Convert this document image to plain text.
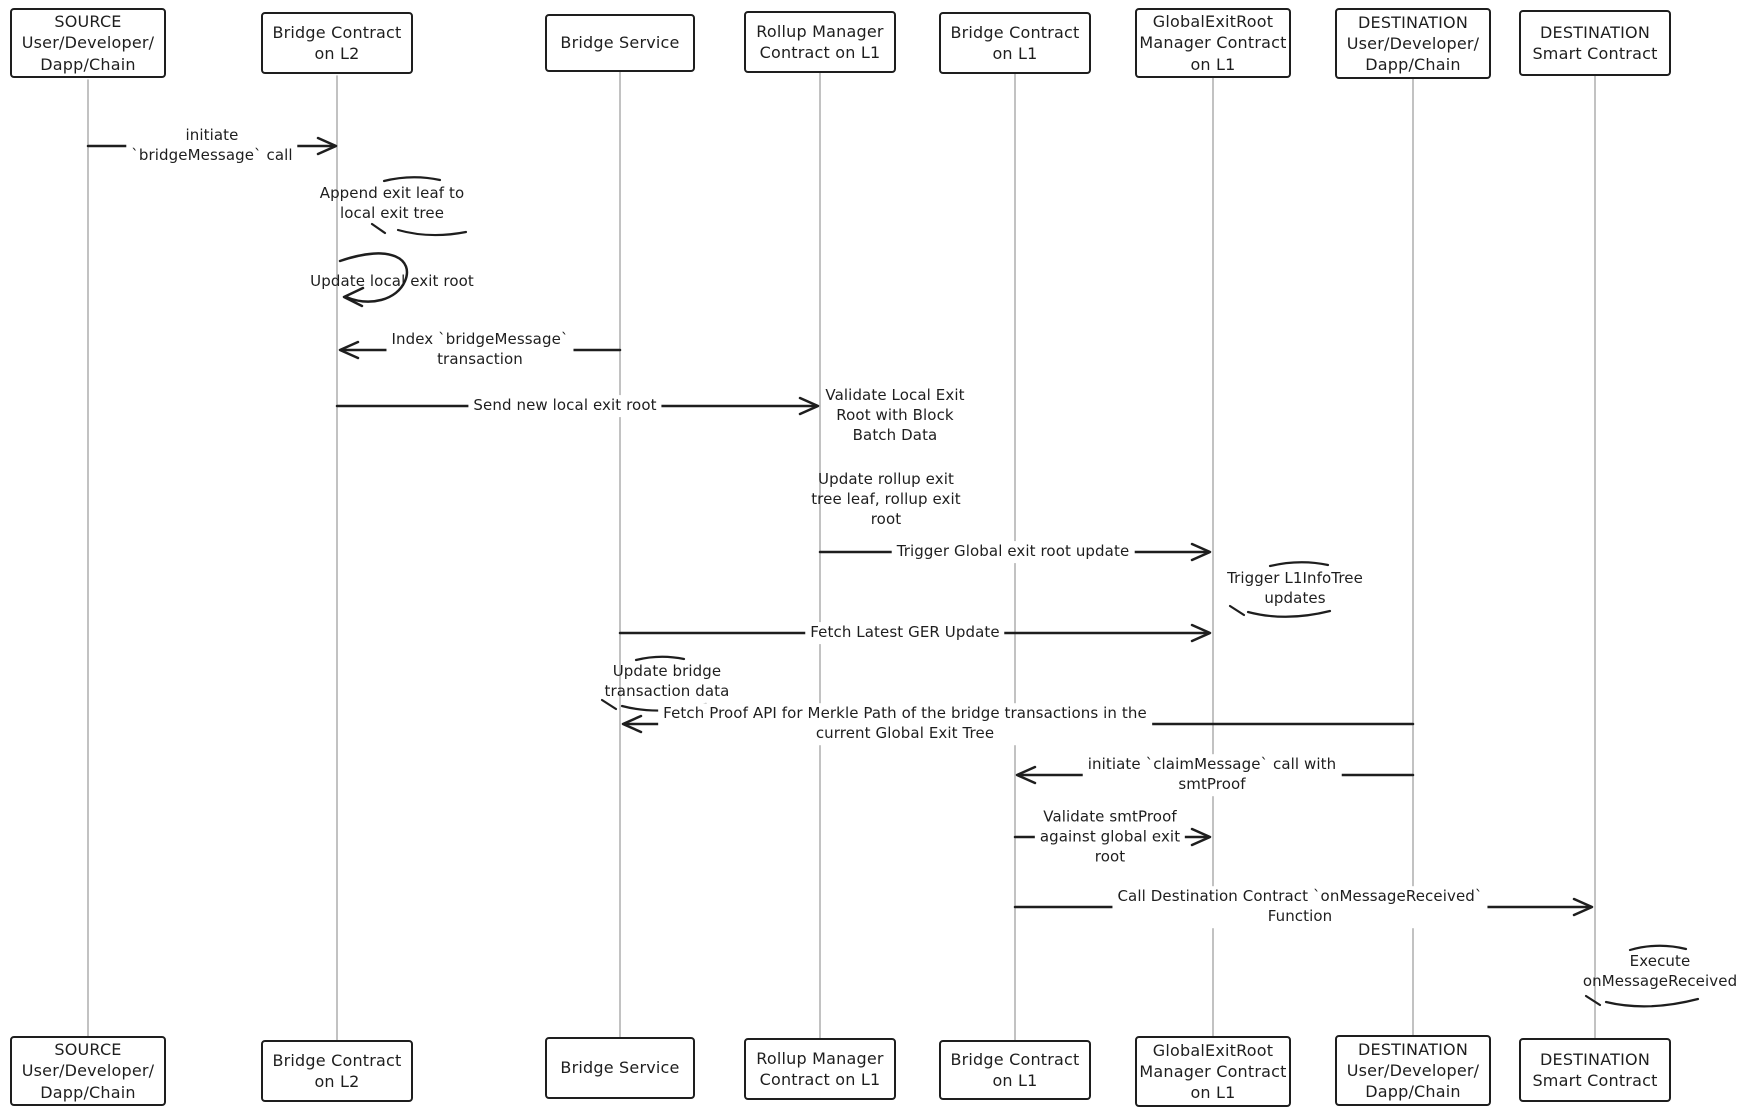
initiate
`bridgeMessage` call
Append exit leaf to
local exit tree
Update local exit root
Index `bridgeMessage`
transaction
Send new local exit root
Validate Local Exit
Root with Block
Batch Data
Update rollup exit
tree leaf, rollup exit
root
Trigger Global exit root update
Trigger L1InfoTree
updates
Fetch Latest GER Update
Update bridge
transaction data
Fetch Proof API for Merkle Path of the bridge transactions in the
current Global Exit Tree
initiate `claimMessage` call with
smtProof
Validate smtProof
against global exit
root
Call Destination Contract `onMessageReceived`
Function
Execute
onMessageReceived
SOURCE
User/Developer/
Dapp/Chain
Bridge Contract
on L2
Bridge Service
Rollup Manager
Contract on L1
Bridge Contract
on L1
GlobalExitRoot
Manager Contract
on L1
DESTINATION
User/Developer/
Dapp/Chain
DESTINATION
Smart Contract
SOURCE
User/Developer/
Dapp/Chain
Bridge Contract
on L2
Bridge Service
Rollup Manager
Contract on L1
Bridge Contract
on L1
GlobalExitRoot
Manager Contract
on L1
DESTINATION
User/Developer/
Dapp/Chain
DESTINATION
Smart Contract
